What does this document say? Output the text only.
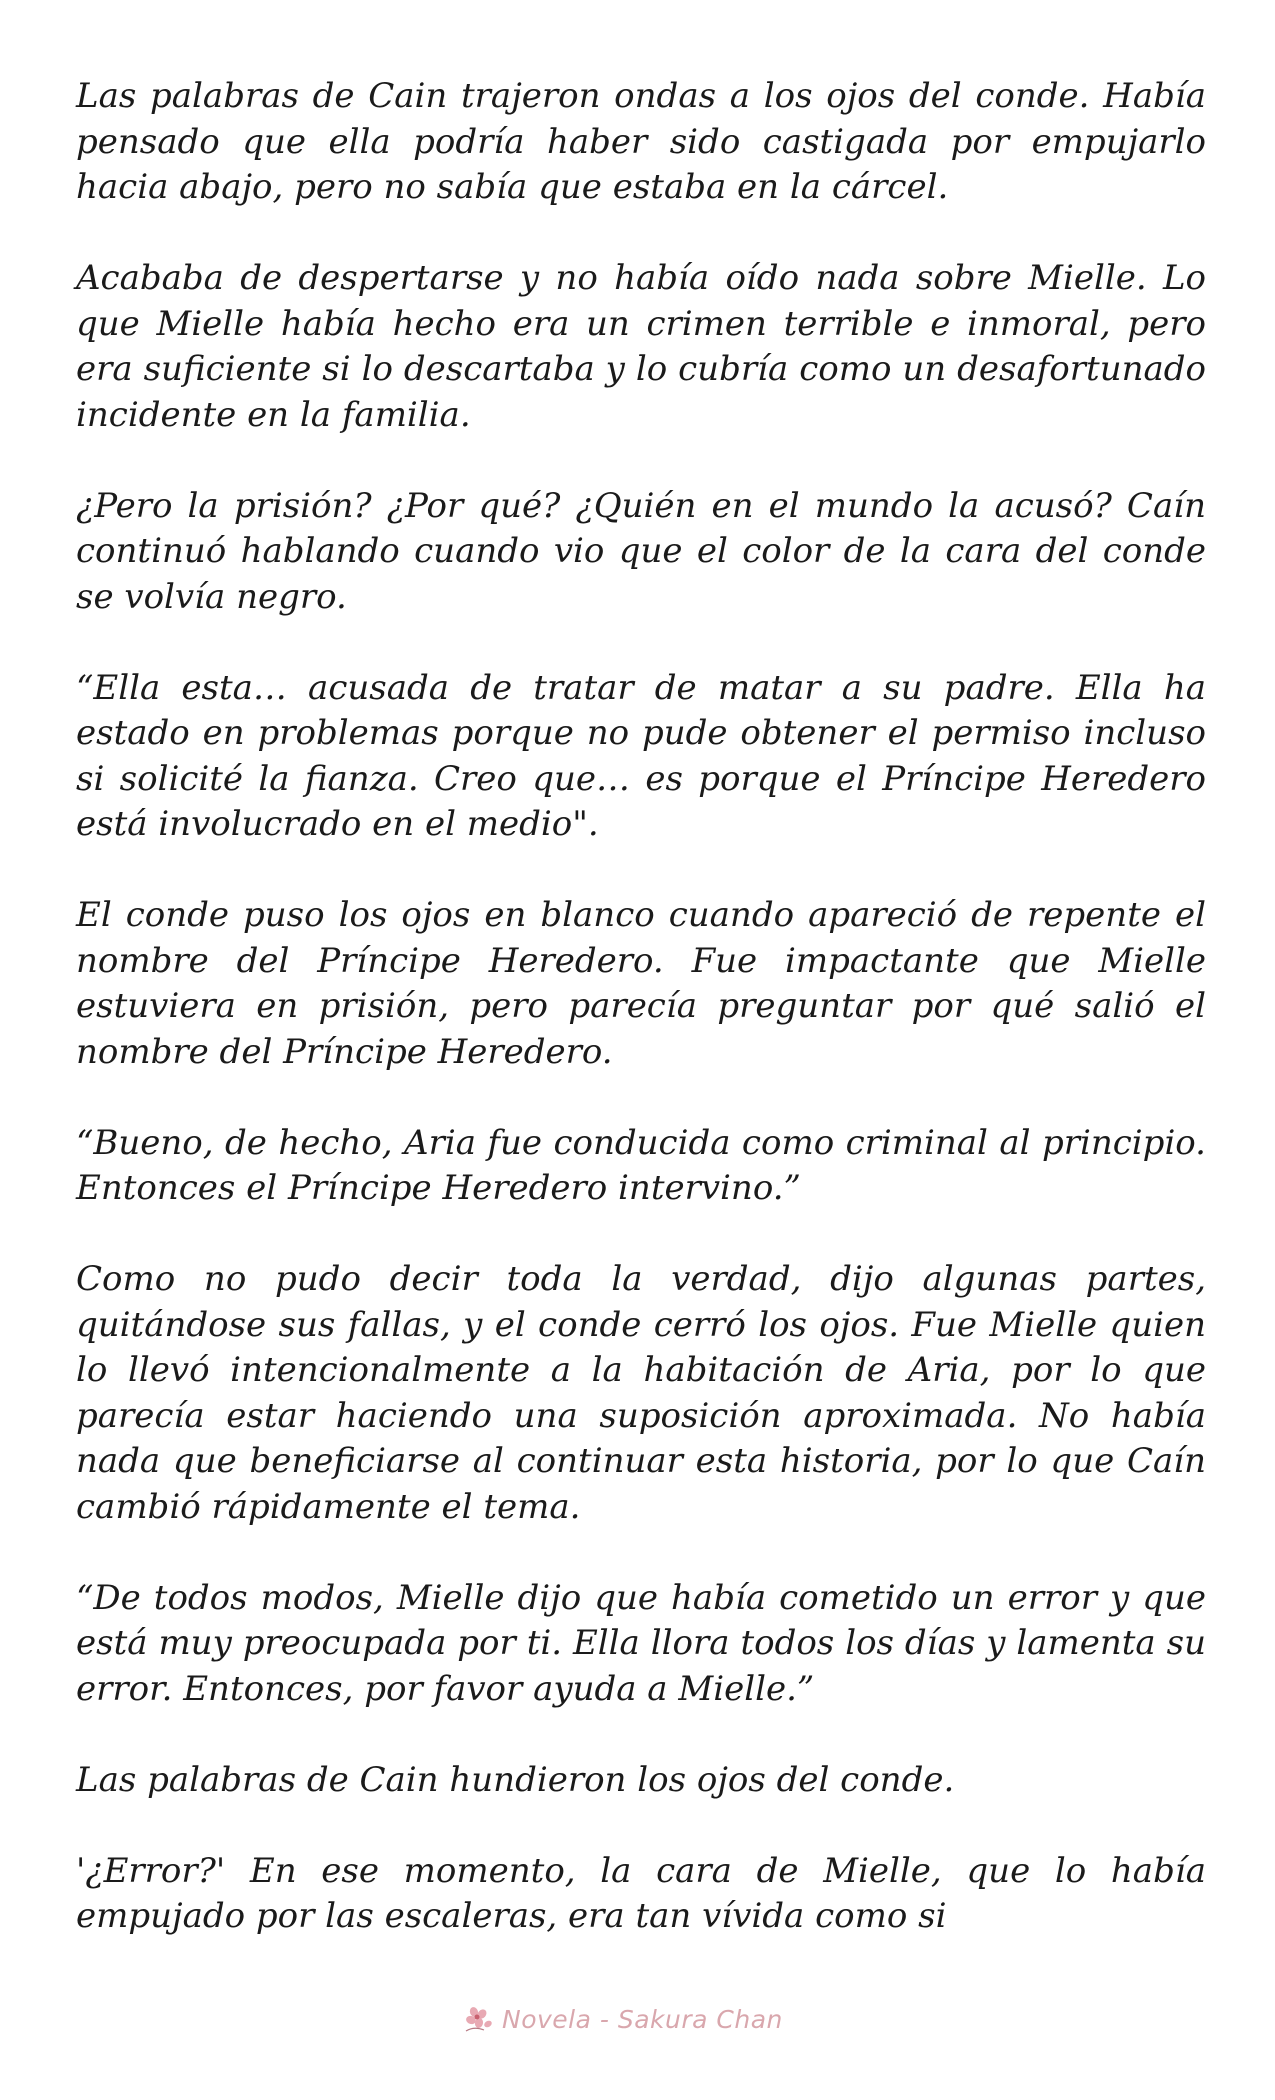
Las palabras de Cain trajeron ondas a los ojos del conde. Había pensado que ella podría haber sido castigada por empujarlo hacia abajo, pero no sabía que estaba en la cárcel.

Acababa de despertarse y no había oído nada sobre Mielle. Lo que Mielle había hecho era un crimen terrible e inmoral, pero era suficiente si lo descartaba y lo cubría como un desafortunado incidente en la familia.

¿Pero la prisión? ¿Por qué? ¿Quién en el mundo la acusó? Caín continuó hablando cuando vio que el color de la cara del conde se volvía negro.

“Ella esta… acusada de tratar de matar a su padre. Ella ha estado en problemas porque no pude obtener el permiso incluso si solicité la fianza. Creo que… es porque el Príncipe Heredero está involucrado en el medio".

El conde puso los ojos en blanco cuando apareció de repente el nombre del Príncipe Heredero. Fue impactante que Mielle estuviera en prisión, pero parecía preguntar por qué salió el nombre del Príncipe Heredero.

“Bueno, de hecho, Aria fue conducida como criminal al principio. Entonces el Príncipe Heredero intervino.”

Como no pudo decir toda la verdad, dijo algunas partes, quitándose sus fallas, y el conde cerró los ojos. Fue Mielle quien lo llevó intencionalmente a la habitación de Aria, por lo que parecía estar haciendo una suposición aproximada. No había nada que beneficiarse al continuar esta historia, por lo que Caín cambió rápidamente el tema.

“De todos modos, Mielle dijo que había cometido un error y que está muy preocupada por ti. Ella llora todos los días y lamenta su error. Entonces, por favor ayuda a Mielle.”

Las palabras de Cain hundieron los ojos del conde.

'¿Error?' En ese momento, la cara de Mielle, que lo había empujado por las escaleras, era tan vívida como si

Novela - Sakura Chan
